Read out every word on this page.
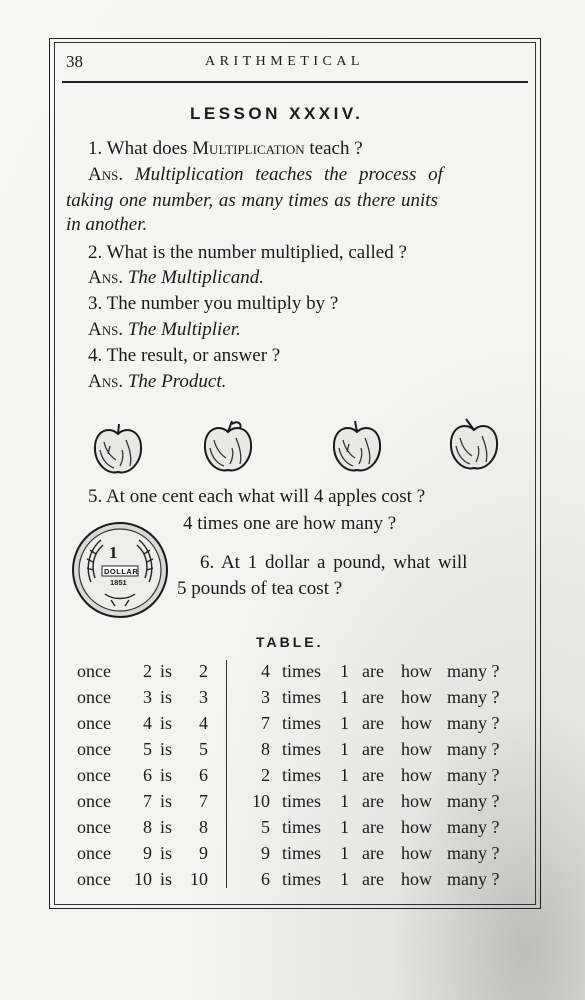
38	ARITHMETICAL
LESSON XXXIV.
1. What does Multiplication teach ?
Ans. Multiplication teaches the process of
taking one number, as many times as there units
in another.
2. What is the number multiplied, called ?
Ans. The Multiplicand.
3. The number you multiply by ?
Ans. The Multiplier.
4. The result, or answer ?
Ans. The Product.
5. At one cent each what will 4 apples cost ?
4 times one are how many ?
1
DOLLAR
1851
6. At 1 dollar a pound, what will
5 pounds of tea cost ?
TABLE.
once	2 is	2	4 times 1 are how many ?
once	3 is	3	3 times 1 are how many ?
once	4 is	4	7 times 1 are how many ?
once	5 is	5	8 times 1 are how many ?
once	6 is	6	2 times 1 are how many ?
once	7 is	7	10 times 1 are how many ?
once	8 is	8	5 times 1 are how many ?
once	9 is	9	9 times 1 are how many ?
once	10 is 10	6 times 1 are how many ?
